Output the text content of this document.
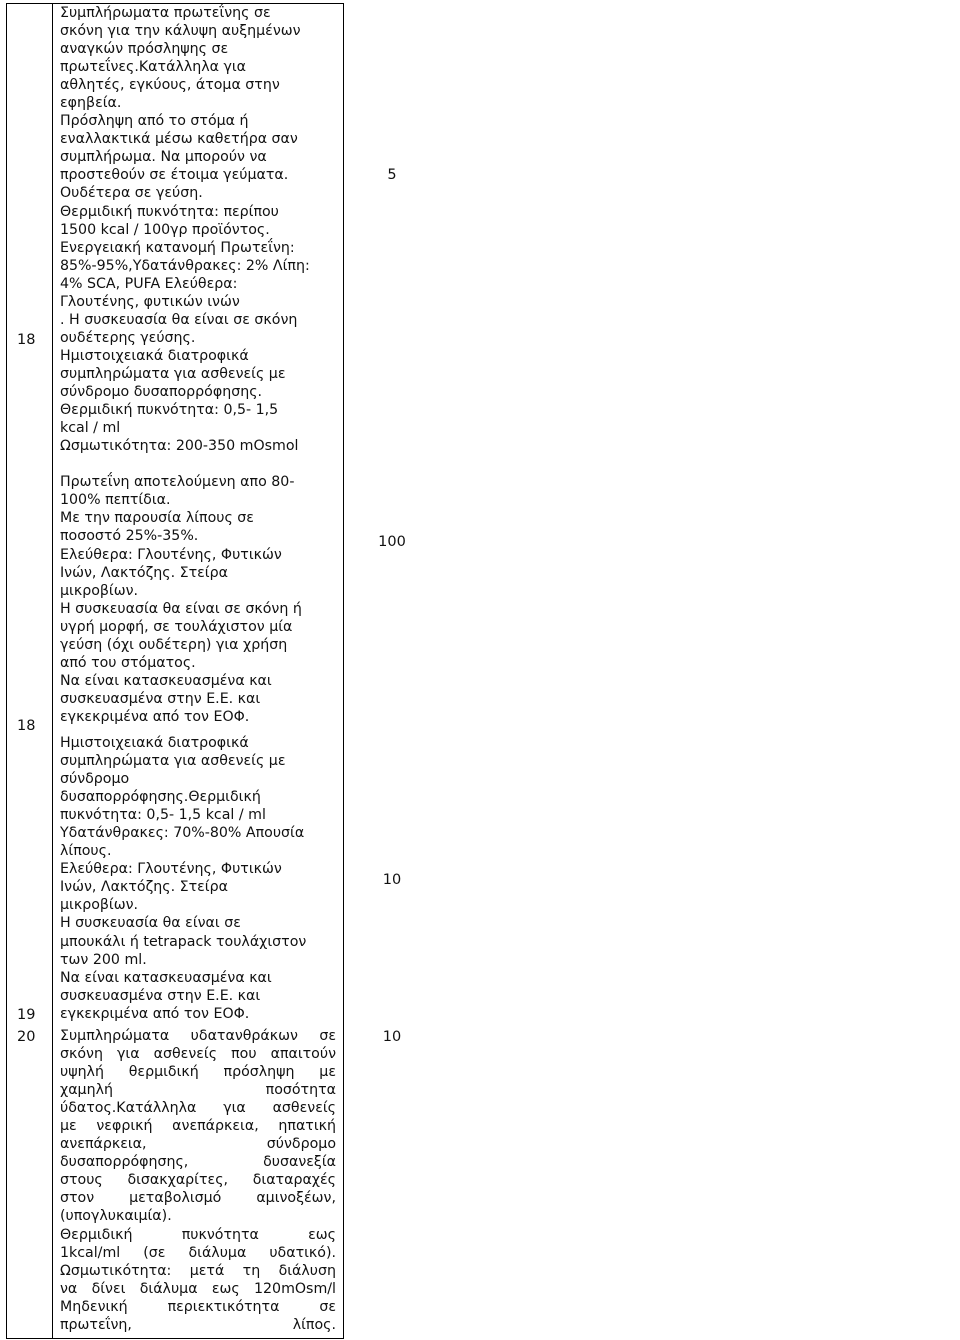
18
5
Συμπλήρωματα πρωτεΐνης σε
σκόνη για την κάλυψη αυξημένων
αναγκών πρόσληψης σε
πρωτεΐνες.Κατάλληλα για
αθλητές, εγκύους, άτομα στην
εφηβεία.
Πρόσληψη από το στόμα ή
εναλλακτικά μέσω καθετήρα σαν
συμπλήρωμα. Να μπορούν να
προστεθούν σε έτοιμα γεύματα.
Ουδέτερα σε γεύση.
Θερμιδική πυκνότητα: περίπου
1500 kcal / 100γρ προϊόντος.
Ενεργειακή κατανομή Πρωτεΐνη:
85%-95%,Υδατάνθρακες: 2% Λίπη:
4% SCA, PUFA Ελεύθερα:
Γλουτένης, φυτικών ινών
. Η συσκευασία θα είναι σε σκόνη
ουδέτερης γεύσης.
18
100
Ημιστοιχειακά διατροφικά
συμπληρώματα για ασθενείς με
σύνδρομο δυσαπορρόφησης.
Θερμιδική πυκνότητα: 0,5- 1,5
kcal / ml
Ωσμωτικότητα: 200-350 mOsmol
Πρωτεΐνη αποτελούμενη απο 80-
100% πεπτίδια.
Με την παρουσία λίπους σε
ποσοστό 25%-35%.
Ελεύθερα: Γλουτένης, Φυτικών
Ινών, Λακτόζης. Στείρα
μικροβίων.
Η συσκευασία θα είναι σε σκόνη ή
υγρή μορφή, σε τουλάχιστον μία
γεύση (όχι ουδέτερη) για χρήση
από του στόματος.
Να είναι κατασκευασμένα και
συσκευασμένα στην Ε.Ε. και
εγκεκριμένα από τον ΕΟΦ.
19
10
Ημιστοιχειακά διατροφικά
συμπληρώματα για ασθενείς με
σύνδρομο
δυσαπορρόφησης.Θερμιδική
πυκνότητα: 0,5- 1,5 kcal / ml
Υδατάνθρακες: 70%-80% Απουσία
λίπους.
Ελεύθερα: Γλουτένης, Φυτικών
Ινών, Λακτόζης. Στείρα
μικροβίων.
Η συσκευασία θα είναι σε
μπουκάλι ή tetrapack τουλάχιστον
των 200 ml.
Να είναι κατασκευασμένα και
συσκευασμένα στην Ε.Ε. και
εγκεκριμένα από τον ΕΟΦ.
20	10
Συμπληρώματα υδατανθράκων σε
σκόνη για ασθενείς που απαιτούν
υψηλή θερμιδική πρόσληψη με
χαμηλή ποσότητα
ύδατος.Κατάλληλα για ασθενείς
με νεφρική ανεπάρκεια, ηπατική
ανεπάρκεια, σύνδρομο
δυσαπορρόφησης, δυσανεξία
στους δισακχαρίτες, διαταραχές
στον μεταβολισμό αμινοξέων,
(υπογλυκαιμία).
Θερμιδική πυκνότητα εως
1kcal/ml (σε διάλυμα υδατικό).
Ωσμωτικότητα: μετά τη διάλυση
να δίνει διάλυμα εως 120mOsm/l
Μηδενική περιεκτικότητα σε
πρωτεΐνη, λίπος.
